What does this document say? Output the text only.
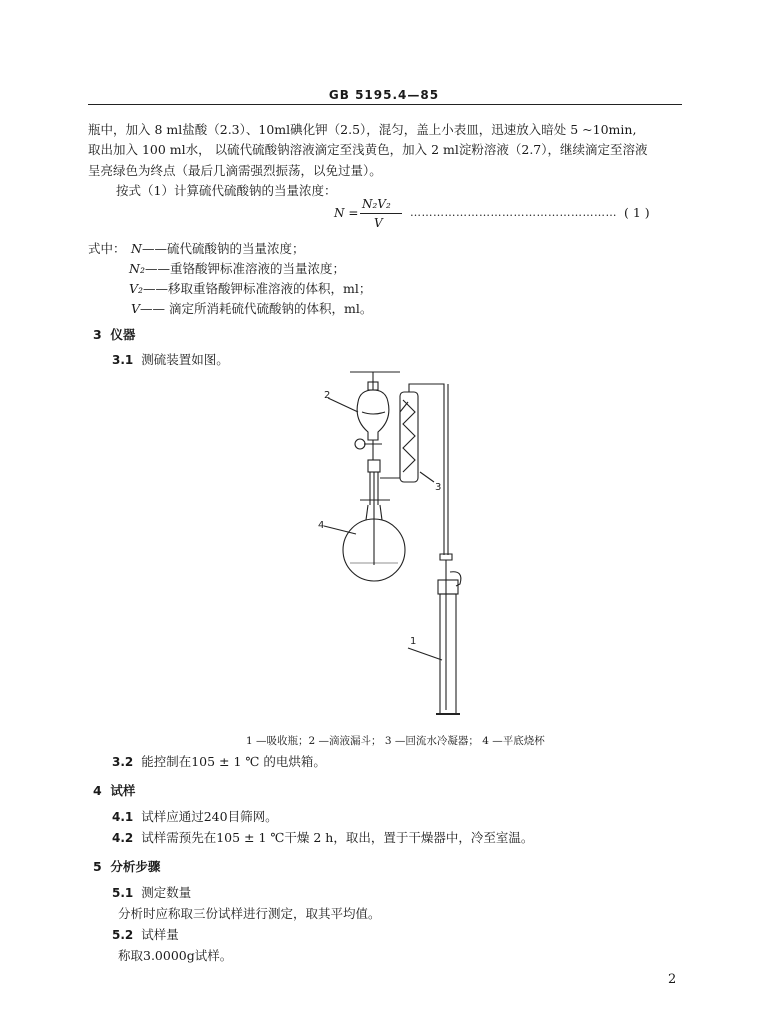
GB 5195.4—85
瓶中，加入 8 ml盐酸（2.3）、10ml碘化钾（2.5），混匀，盖上小表皿，迅速放入暗处 5 ~10min,
取出加入 100 ml水， 以硫代硫酸钠溶液滴定至浅黄色，加入 2 ml淀粉溶液（2.7），继续滴定至溶液
呈亮绿色为终点（最后几滴需强烈振荡，以免过量）。
按式（1）计算硫代硫酸钠的当量浓度：
N =
N₂V₂
V
……………………………………………… ( 1 )
式中： N——硫代硫酸钠的当量浓度；
N₂——重铬酸钾标准溶液的当量浓度；
V₂——移取重铬酸钾标准溶液的体积，ml；
V—— 滴定所消耗硫代硫酸钠的体积，ml。
3 仪器
3.1 测硫装置如图。
2
3
4
1
1 —吸收瓶；2 —滴液漏斗； 3 —回流水冷凝器； 4 —平底烧杯
3.2 能控制在105 ± 1 ℃ 的电烘箱。
4 试样
4.1 试样应通过240目筛网。
4.2 试样需预先在105 ± 1 ℃干燥 2 h，取出，置于干燥器中，冷至室温。
5 分析步骤
5.1 测定数量
分析时应称取三份试样进行测定，取其平均值。
5.2 试样量
称取3.0000g试样。
2
